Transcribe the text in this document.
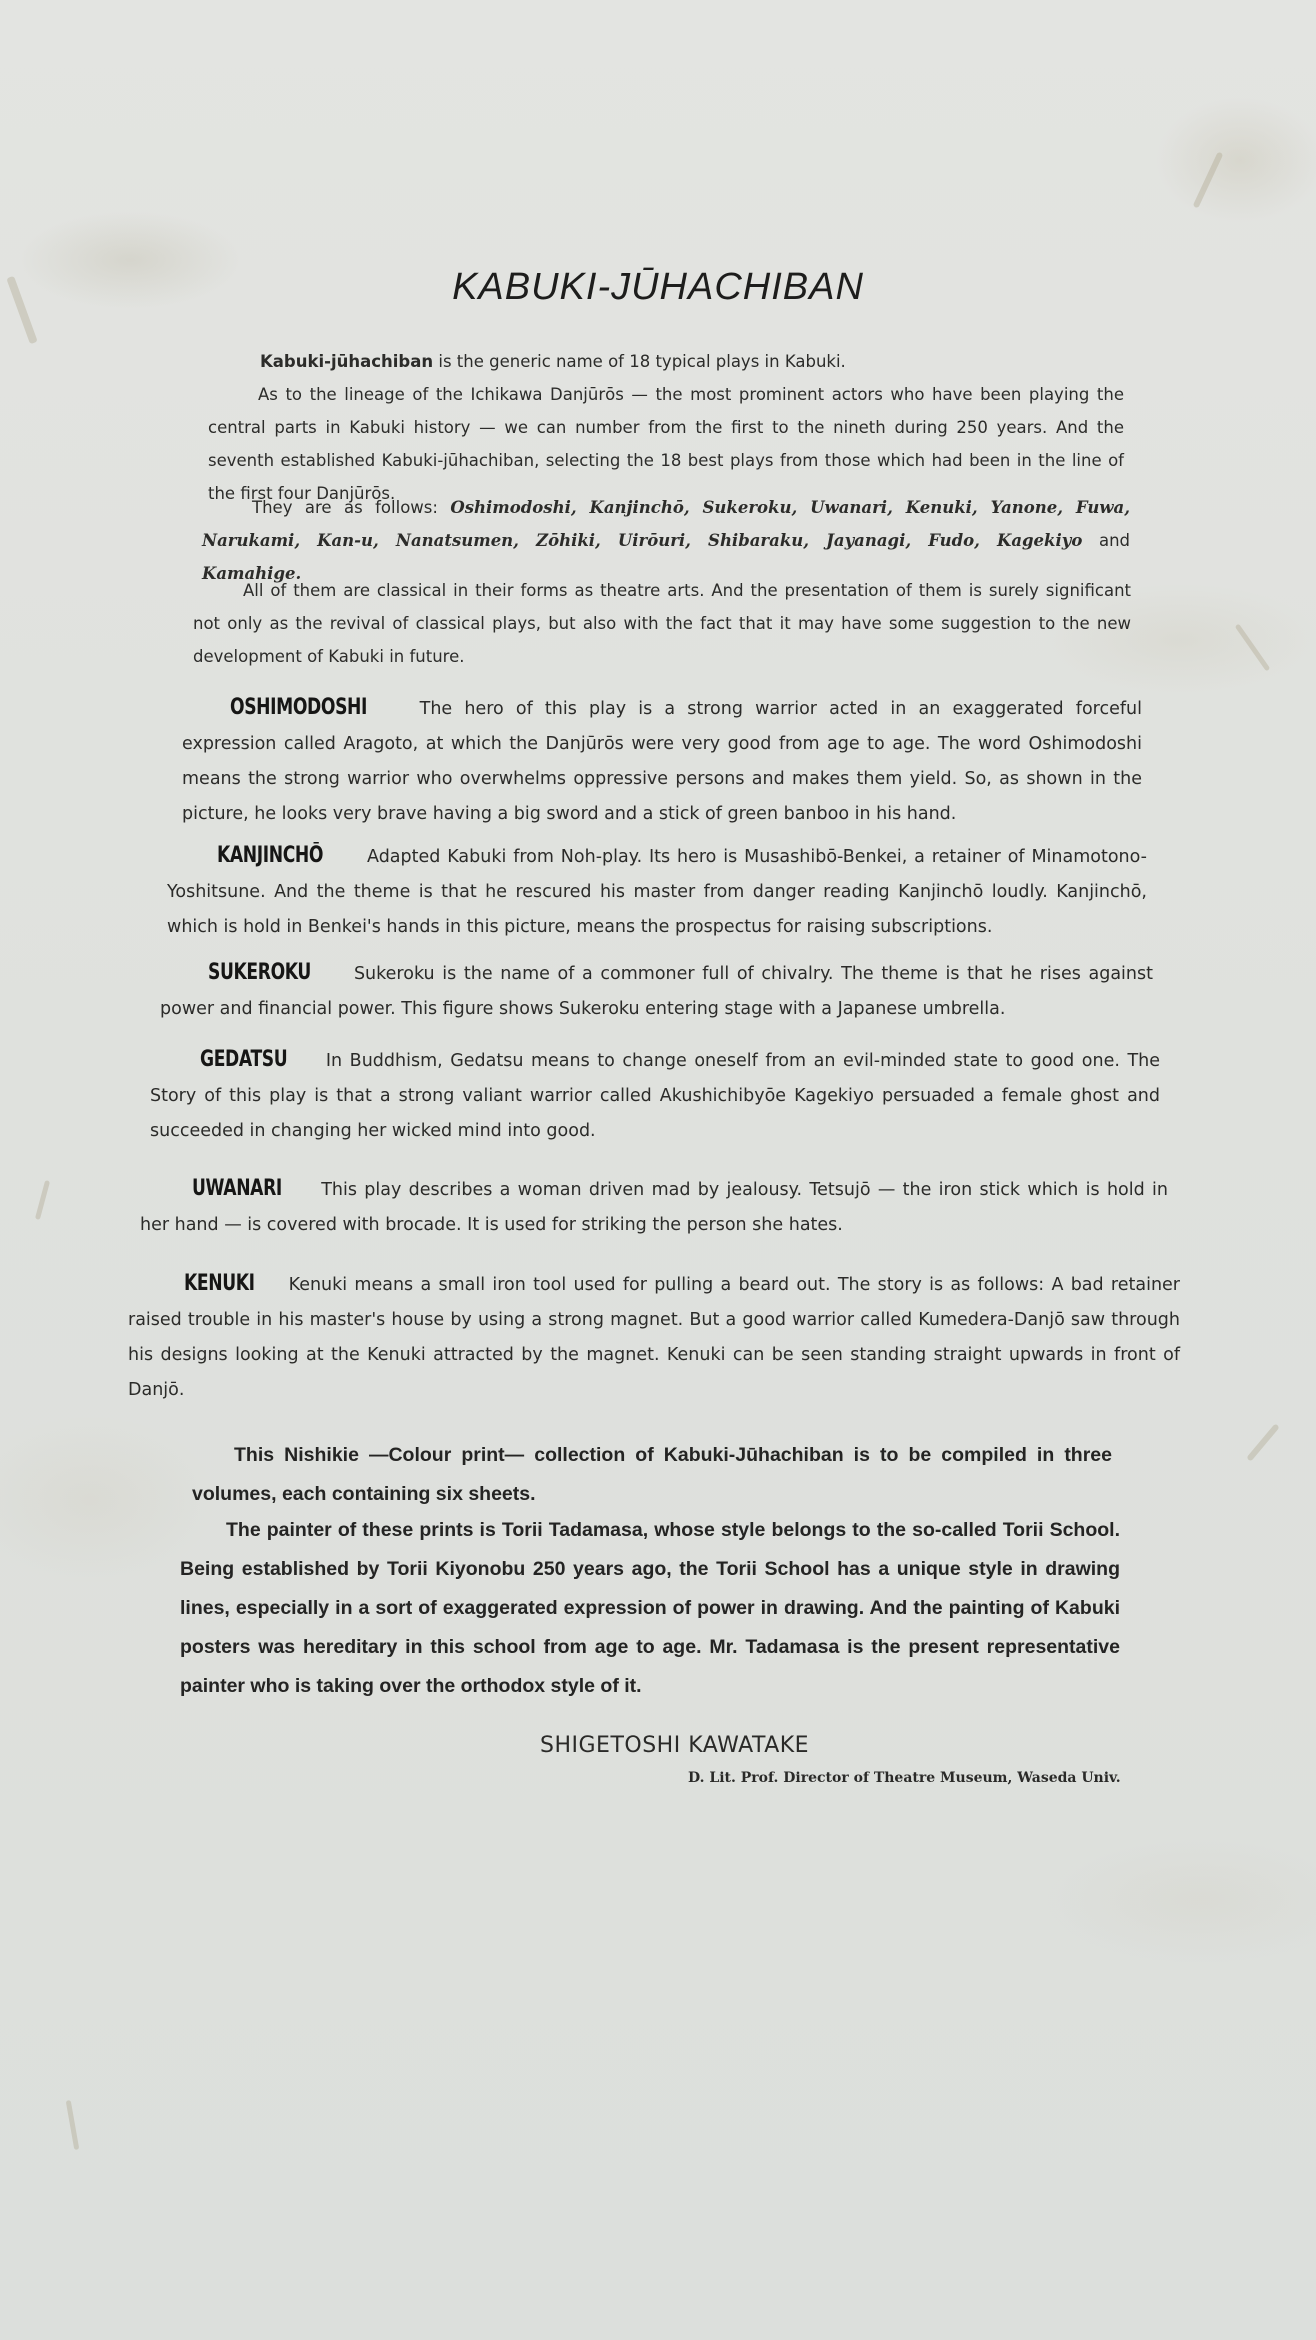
KABUKI-JŪHACHIBAN

Kabuki-jūhachiban is the generic name of 18 typical plays in Kabuki.

As to the lineage of the Ichikawa Danjūrōs — the most prominent actors who have been playing the central parts in Kabuki history — we can number from the first to the nineth during 250 years. And the seventh established Kabuki-jūhachiban, selecting the 18 best plays from those which had been in the line of the first four Danjūrōs.

They are as follows: Oshimodoshi, Kanjinchō, Sukeroku, Uwanari, Kenuki, Yanone, Fuwa, Narukami, Kan-u, Nanatsumen, Zōhiki, Uirōuri, Shibaraku, Jayanagi, Fudo, Kagekiyo and Kamahige.

All of them are classical in their forms as theatre arts. And the presentation of them is surely significant not only as the revival of classical plays, but also with the fact that it may have some suggestion to the new development of Kabuki in future.

OSHIMODOSHI	The hero of this play is a strong warrior acted in an exaggerated forceful expression called Aragoto, at which the Danjūrōs were very good from age to age. The word Oshimodoshi means the strong warrior who overwhelms oppressive persons and makes them yield. So, as shown in the picture, he looks very brave having a big sword and a stick of green banboo in his hand.

KANJINCHŌ	Adapted Kabuki from Noh-play. Its hero is Musashibō-Benkei, a retainer of Minamotono-Yoshitsune. And the theme is that he rescured his master from danger reading Kanjinchō loudly. Kanjinchō, which is hold in Benkei's hands in this picture, means the prospectus for raising subscriptions.

SUKEROKU Sukeroku is the name of a commoner full of chivalry. The theme is that he rises against power and financial power. This figure shows Sukeroku entering stage with a Japanese umbrella.

GEDATSU In Buddhism, Gedatsu means to change oneself from an evil-minded state to good one. The Story of this play is that a strong valiant warrior called Akushichibyōe Kagekiyo persuaded a female ghost and succeeded in changing her wicked mind into good.

UWANARI This play describes a woman driven mad by jealousy. Tetsujō — the iron stick which is hold in her hand — is covered with brocade. It is used for striking the person she hates.

KENUKI Kenuki means a small iron tool used for pulling a beard out. The story is as follows: A bad retainer raised trouble in his master's house by using a strong magnet. But a good warrior called Kumedera-Danjō saw through his designs looking at the Kenuki attracted by the magnet. Kenuki can be seen standing straight upwards in front of Danjō.

This Nishikie —Colour print— collection of Kabuki-Jūhachiban is to be compiled in three volumes, each containing six sheets.

The painter of these prints is Torii Tadamasa, whose style belongs to the so-called Torii School. Being established by Torii Kiyonobu 250 years ago, the Torii School has a unique style in drawing lines, especially in a sort of exaggerated expression of power in drawing. And the painting of Kabuki posters was hereditary in this school from age to age. Mr. Tadamasa is the present representative painter who is taking over the orthodox style of it.

SHIGETOSHI KAWATAKE
D. Lit. Prof. Director of Theatre Museum, Waseda Univ.
